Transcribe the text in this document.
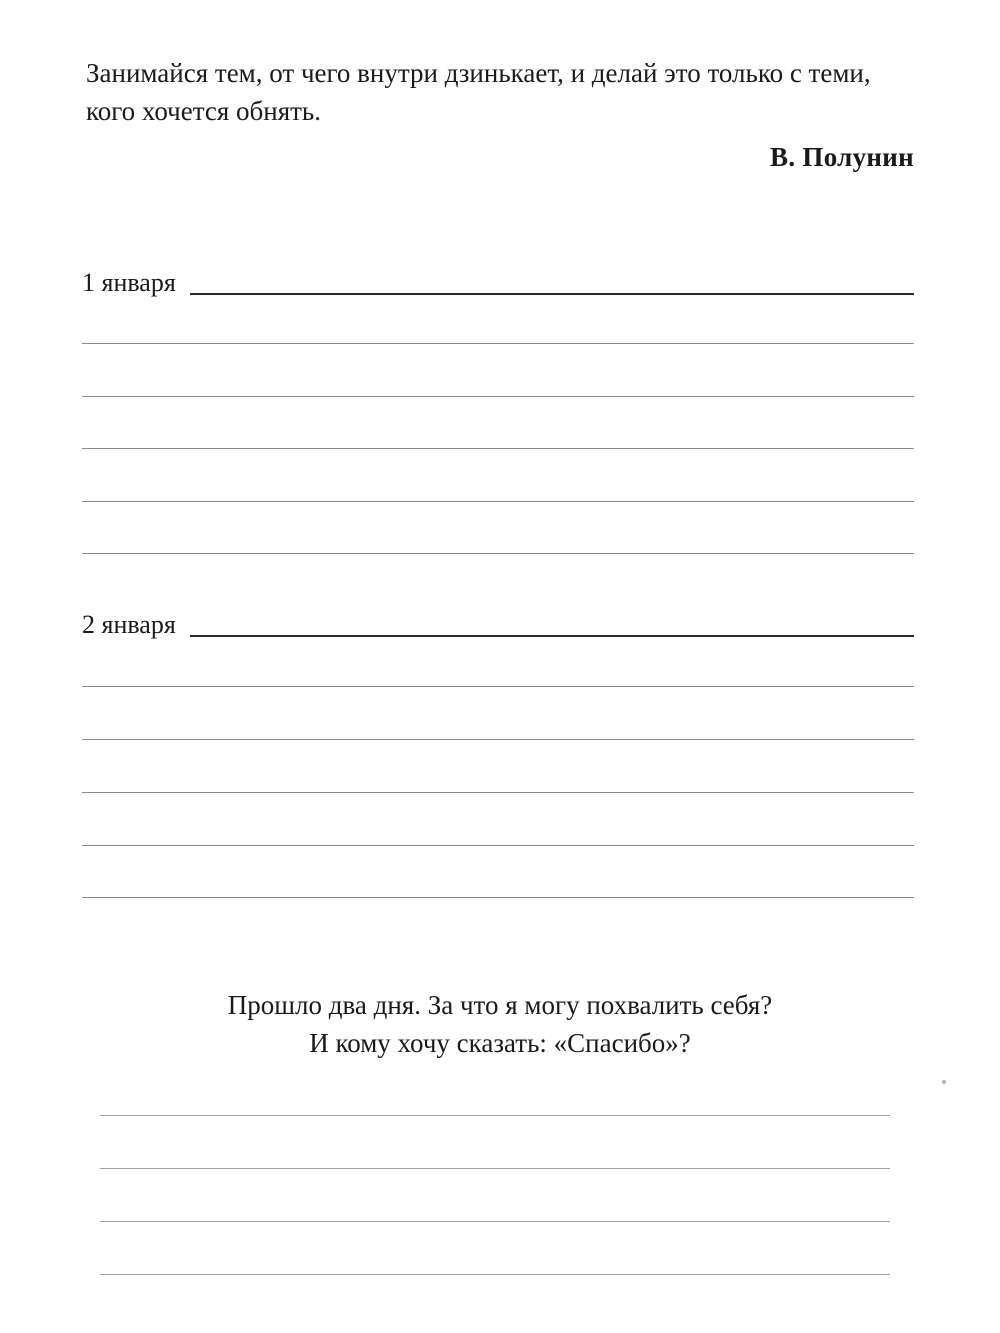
Занимайся тем, от чего внутри дзинькает, и делай это только с теми, кого хочется обнять.
В. Полунин
1 января
2 января
Прошло два дня. За что я могу похвалить себя?
И кому хочу сказать: «Спасибо»?
